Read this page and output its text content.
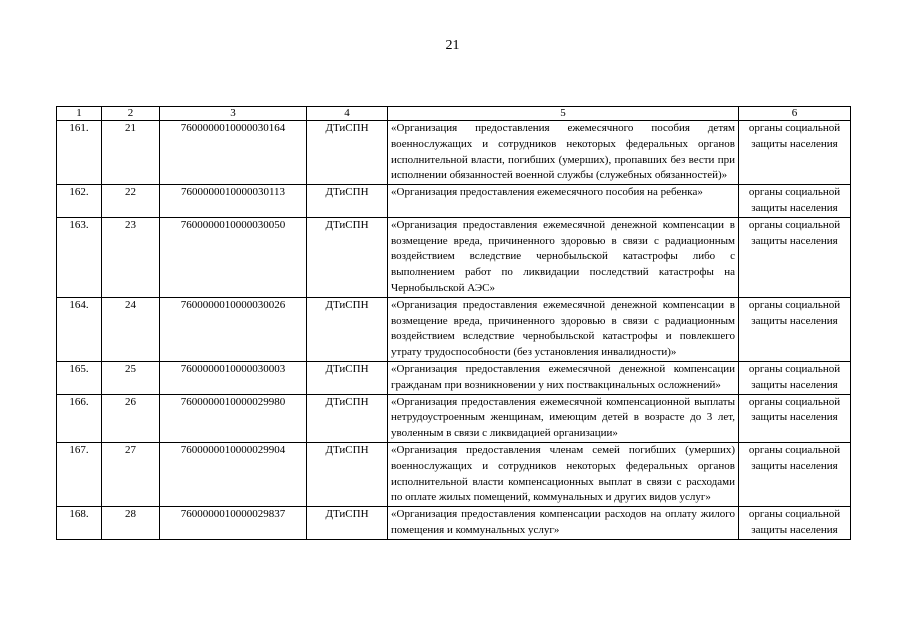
21
1	2	3	4	5	6
161.	21	7600000010000030164	ДТиСПН	«Организация предоставления ежемесячного пособия детям военнослужащих и сотрудников некоторых федеральных органов исполнительной власти, погибших (умерших), пропавших без вести при исполнении обязанностей военной службы (служебных обязанностей)»	органы социальной защиты населения
162.	22	7600000010000030113	ДТиСПН	«Организация предоставления ежемесячного пособия на ребенка»	органы социальной защиты населения
163.	23	7600000010000030050	ДТиСПН	«Организация предоставления ежемесячной денежной компенсации в возмещение вреда, причиненного здоровью в связи с радиационным воздействием вследствие чернобыльской катастрофы либо с выполнением работ по ликвидации последствий катастрофы на Чернобыльской АЭС»	органы социальной защиты населения
164.	24	7600000010000030026	ДТиСПН	«Организация предоставления ежемесячной денежной компенсации в возмещение вреда, причиненного здоровью в связи с радиационным воздействием вследствие чернобыльской катастрофы и повлекшего утрату трудоспособности (без установления инвалидности)»	органы социальной защиты населения
165.	25	7600000010000030003	ДТиСПН	«Организация предоставления ежемесячной денежной компенсации гражданам при возникновении у них поствакцинальных осложнений»	органы социальной защиты населения
166.	26	7600000010000029980	ДТиСПН	«Организация предоставления ежемесячной компенсационной выплаты нетрудоустроенным женщинам, имеющим детей в возрасте до 3 лет, уволенным в связи с ликвидацией организации»	органы социальной защиты населения
167.	27	7600000010000029904	ДТиСПН	«Организация предоставления членам семей погибших (умерших) военнослужащих и сотрудников некоторых федеральных органов исполнительной власти компенсационных выплат в связи с расходами по оплате жилых помещений, коммунальных и других видов услуг»	органы социальной защиты населения
168.	28	7600000010000029837	ДТиСПН	«Организация предоставления компенсации расходов на оплату жилого помещения и коммунальных услуг»	органы социальной защиты населения
